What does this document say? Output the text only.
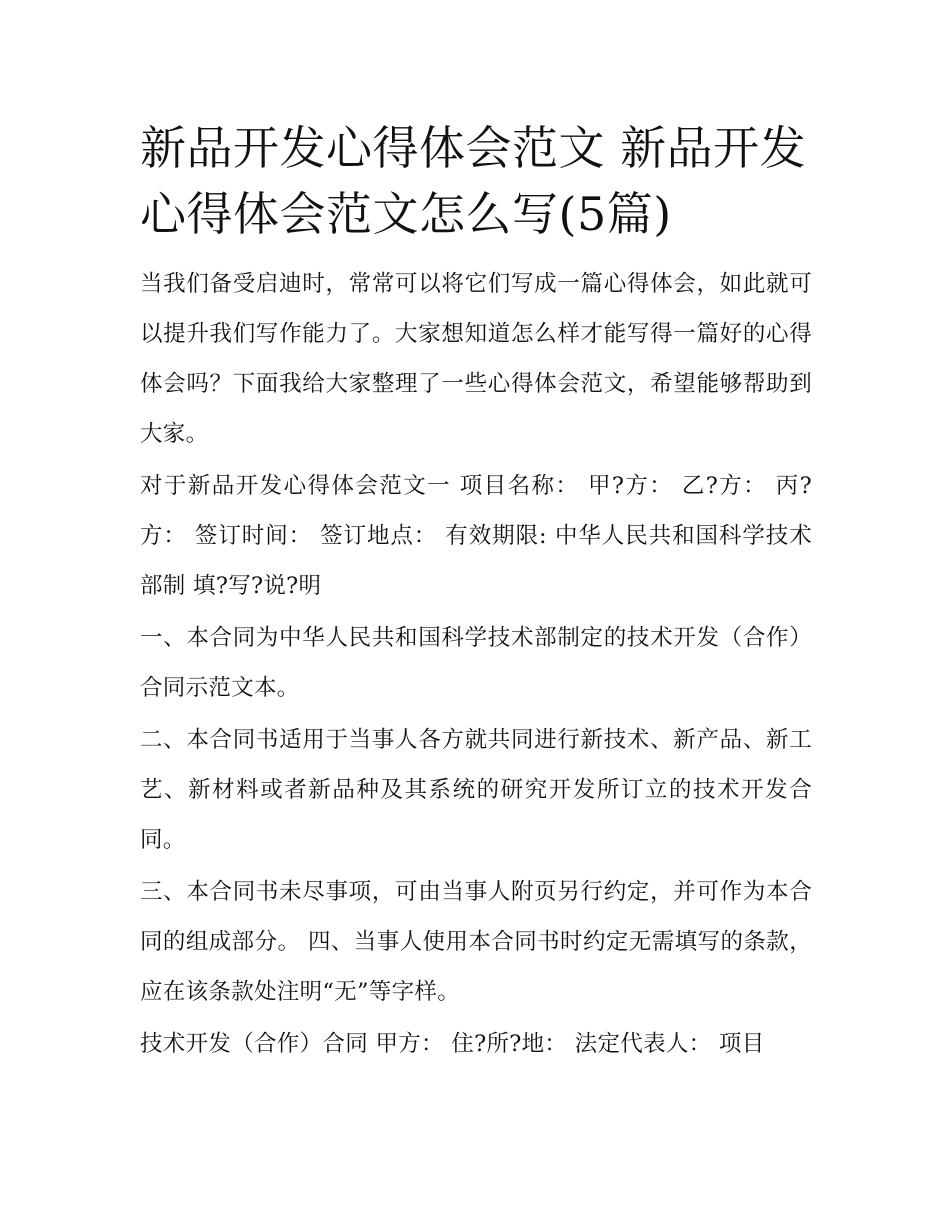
新品开发心得体会范文 新品开发心得体会范文怎么写(5篇)

当我们备受启迪时，常常可以将它们写成一篇心得体会，如此就可以提升我们写作能力了。大家想知道怎么样才能写得一篇好的心得体会吗？下面我给大家整理了一些心得体会范文，希望能够帮助到大家。

对于新品开发心得体会范文一 项目名称： 甲?方： 乙?方： 丙?方： 签订时间： 签订地点： 有效期限: 中华人民共和国科学技术部制 填?写?说?明

一、本合同为中华人民共和国科学技术部制定的技术开发（合作）合同示范文本。

二、本合同书适用于当事人各方就共同进行新技术、新产品、新工艺、新材料或者新品种及其系统的研究开发所订立的技术开发合同。

三、本合同书未尽事项，可由当事人附页另行约定，并可作为本合同的组成部分。 四、当事人使用本合同书时约定无需填写的条款，应在该条款处注明“无”等字样。

技术开发（合作）合同 甲方： 住?所?地： 法定代表人： 项目
